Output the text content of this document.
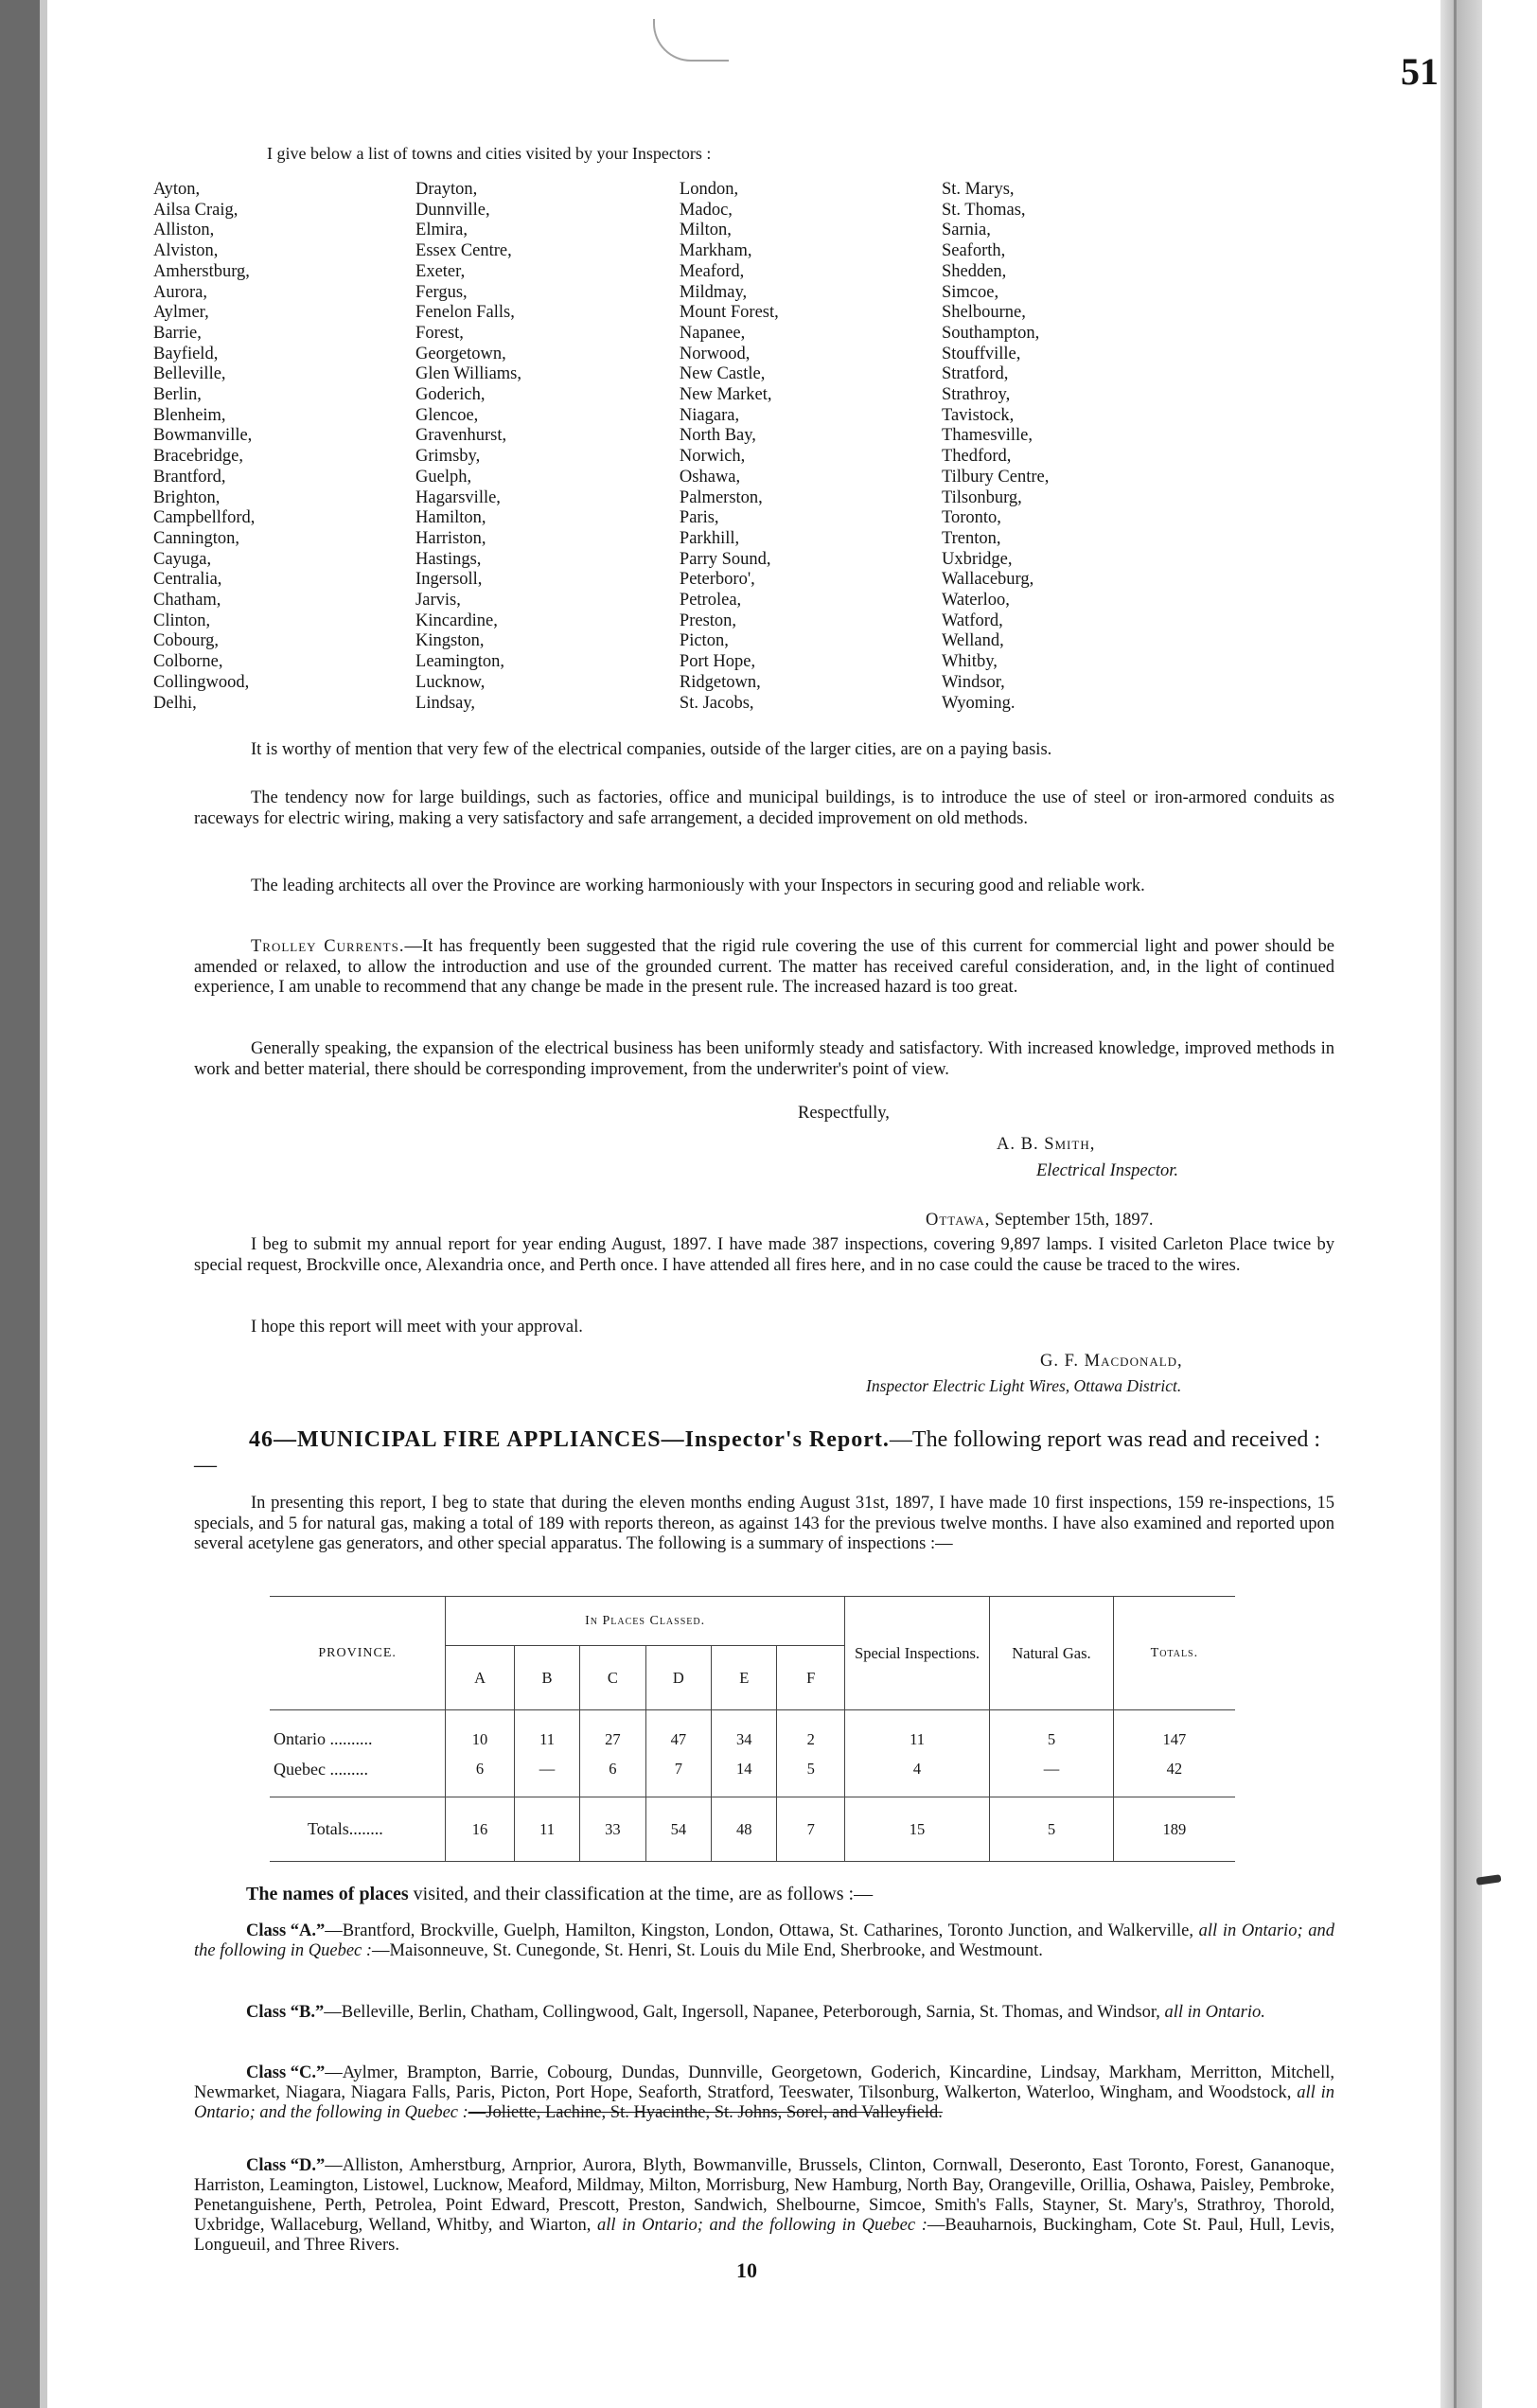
51
I give below a list of towns and cities visited by your Inspectors :
Ayton,
Ailsa Craig,
Alliston,
Alviston,
Amherstburg,
Aurora,
Aylmer,
Barrie,
Bayfield,
Belleville,
Berlin,
Blenheim,
Bowmanville,
Bracebridge,
Brantford,
Brighton,
Campbellford,
Cannington,
Cayuga,
Centralia,
Chatham,
Clinton,
Cobourg,
Colborne,
Collingwood,
Delhi,
Drayton,
Dunnville,
Elmira,
Essex Centre,
Exeter,
Fergus,
Fenelon Falls,
Forest,
Georgetown,
Glen Williams,
Goderich,
Glencoe,
Gravenhurst,
Grimsby,
Guelph,
Hagarsville,
Hamilton,
Harriston,
Hastings,
Ingersoll,
Jarvis,
Kincardine,
Kingston,
Leamington,
Lucknow,
Lindsay,
London,
Madoc,
Milton,
Markham,
Meaford,
Mildmay,
Mount Forest,
Napanee,
Norwood,
New Castle,
New Market,
Niagara,
North Bay,
Norwich,
Oshawa,
Palmerston,
Paris,
Parkhill,
Parry Sound,
Peterboro',
Petrolea,
Preston,
Picton,
Port Hope,
Ridgetown,
St. Jacobs,
St. Marys,
St. Thomas,
Sarnia,
Seaforth,
Shedden,
Simcoe,
Shelbourne,
Southampton,
Stouffville,
Stratford,
Strathroy,
Tavistock,
Thamesville,
Thedford,
Tilbury Centre,
Tilsonburg,
Toronto,
Trenton,
Uxbridge,
Wallaceburg,
Waterloo,
Watford,
Welland,
Whitby,
Windsor,
Wyoming.
It is worthy of mention that very few of the electrical companies, outside of the larger cities, are on a paying basis.
The tendency now for large buildings, such as factories, office and municipal buildings, is to introduce the use of steel or iron-armored conduits as raceways for electric wiring, making a very satisfactory and safe arrangement, a decided improvement on old methods.
The leading architects all over the Province are working harmoniously with your Inspectors in securing good and reliable work.
Trolley Currents.—It has frequently been suggested that the rigid rule covering the use of this current for commercial light and power should be amended or relaxed, to allow the introduction and use of the grounded current. The matter has received careful consideration, and, in the light of continued experience, I am unable to recommend that any change be made in the present rule. The increased hazard is too great.
Generally speaking, the expansion of the electrical business has been uniformly steady and satisfactory. With increased knowledge, improved methods in work and better material, there should be corresponding improvement, from the underwriter's point of view.
Respectfully,
A. B. Smith,
Electrical Inspector.
Ottawa, September 15th, 1897.
I beg to submit my annual report for year ending August, 1897. I have made 387 inspections, covering 9,897 lamps. I visited Carleton Place twice by special request, Brockville once, Alexandria once, and Perth once. I have attended all fires here, and in no case could the cause be traced to the wires.
I hope this report will meet with your approval.
G. F. Macdonald,
Inspector Electric Light Wires, Ottawa District.
46—MUNICIPAL FIRE APPLIANCES—Inspector's Report.—The following report was read and received :—
In presenting this report, I beg to state that during the eleven months ending August 31st, 1897, I have made 10 first inspections, 159 re-inspections, 15 specials, and 5 for natural gas, making a total of 189 with reports thereon, as against 143 for the previous twelve months. I have also examined and reported upon several acetylene gas generators, and other special apparatus. The following is a summary of inspections :—
PROVINCE.	In Places Classed.						Special Inspections.	Natural Gas.	Totals.
	A	B	C	D	E	F			
Ontario ..........	10	11	27	47	34	2	11	5	147
Quebec .........	6	—	6	7	14	5	4	—	42
Totals........	16	11	33	54	48	7	15	5	189
The names of places visited, and their classification at the time, are as follows :—
Class “A.”—Brantford, Brockville, Guelph, Hamilton, Kingston, London, Ottawa, St. Catharines, Toronto Junction, and Walkerville, all in Ontario; and the following in Quebec :—Maisonneuve, St. Cunegonde, St. Henri, St. Louis du Mile End, Sherbrooke, and Westmount.
Class “B.”—Belleville, Berlin, Chatham, Collingwood, Galt, Ingersoll, Napanee, Peterborough, Sarnia, St. Thomas, and Windsor, all in Ontario.
Class “C.”—Aylmer, Brampton, Barrie, Cobourg, Dundas, Dunnville, Georgetown, Goderich, Kincardine, Lindsay, Markham, Merritton, Mitchell, Newmarket, Niagara, Niagara Falls, Paris, Picton, Port Hope, Seaforth, Stratford, Teeswater, Tilsonburg, Walkerton, Waterloo, Wingham, and Woodstock, all in Ontario; and the following in Quebec :—Joliette, Lachine, St. Hyacinthe, St. Johns, Sorel, and Valleyfield.
Class “D.”—Alliston, Amherstburg, Arnprior, Aurora, Blyth, Bowmanville, Brussels, Clinton, Cornwall, Deseronto, East Toronto, Forest, Gananoque, Harriston, Leamington, Listowel, Lucknow, Meaford, Mildmay, Milton, Morrisburg, New Hamburg, North Bay, Orangeville, Orillia, Oshawa, Paisley, Pembroke, Penetanguishene, Perth, Petrolea, Point Edward, Prescott, Preston, Sandwich, Shelbourne, Simcoe, Smith's Falls, Stayner, St. Mary's, Strathroy, Thorold, Uxbridge, Wallaceburg, Welland, Whitby, and Wiarton, all in Ontario; and the following in Quebec :—Beauharnois, Buckingham, Cote St. Paul, Hull, Levis, Longueuil, and Three Rivers.
10
